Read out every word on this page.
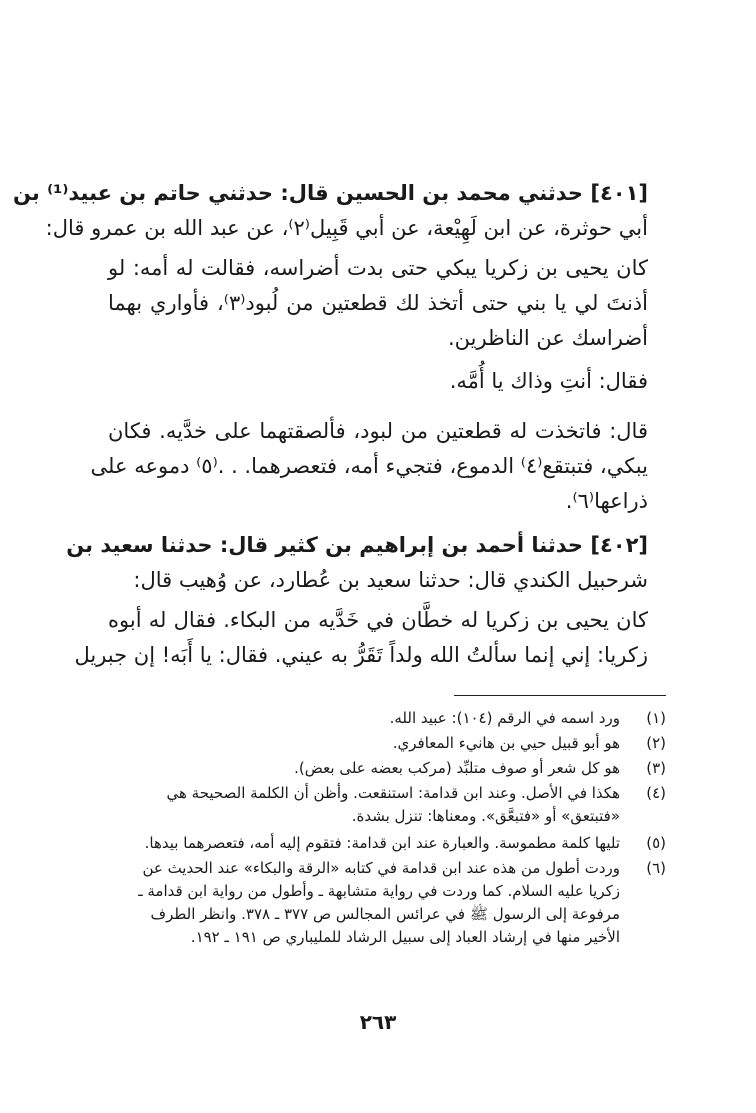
[٤٠١] حدثني محمد بن الحسين قال: حدثني حاتم بن عبيد⁽¹⁾ بن
أبي حوثرة، عن ابن لَهِيْعة، عن أبي قَبِيل⁽٢⁾، عن عبد الله بن عمرو قال:
كان يحيى بن زكريا يبكي حتى بدت أضراسه، فقالت له أمه: لو
أذنتَ لي يا بني حتى أتخذ لك قطعتين من لُبود⁽٣⁾، فأواري بهما
أضراسك عن الناظرين.
فقال: أنتِ وذاك يا أُمَّه.
قال: فاتخذت له قطعتين من لبود، فألصقتهما على خدَّيه. فكان
يبكي، فتبتقع⁽٤⁾ الدموع، فتجيء أمه، فتعصرهما. . .⁽٥⁾ دموعه على
ذراعها⁽٦⁾.
[٤٠٢] حدثنا أحمد بن إبراهيم بن كثير قال: حدثنا سعيد بن
شرحبيل الكندي قال: حدثنا سعيد بن عُطارد، عن وُهيب قال:
كان يحيى بن زكريا له خطَّان في خَدَّيه من البكاء. فقال له أبوه
زكريا: إني إنما سألتُ الله ولداً تَقَرُّ به عيني. فقال: يا أَبَه! إن جبريل
(١)
ورد اسمه في الرقم (١٠٤): عبيد الله.
(٢)
هو أبو قبيل حيي بن هانيء المعافري.
(٣)
هو كل شعر أو صوف متلبِّد (مركب بعضه على بعض).
(٤)
هكذا في الأصل. وعند ابن قدامة: استنقعت. وأظن أن الكلمة الصحيحة هي
«فتبتعق» أو «فتبعَّق». ومعناها: تنزل بشدة.
(٥)
تليها كلمة مطموسة. والعبارة عند ابن قدامة: فتقوم إليه أمه، فتعصرهما بيدها.
(٦)
وردت أطول من هذه عند ابن قدامة في كتابه «الرقة والبكاء» عند الحديث عن
زكريا عليه السلام. كما وردت في رواية متشابهة ـ وأطول من رواية ابن قدامة ـ
مرفوعة إلى الرسول ﷺ في عرائس المجالس ص ٣٧٧ ـ ٣٧٨. وانظر الطرف
الأخير منها في إرشاد العباد إلى سبيل الرشاد للمليباري ص ١٩١ ـ ١٩٢.
٢٦٣
